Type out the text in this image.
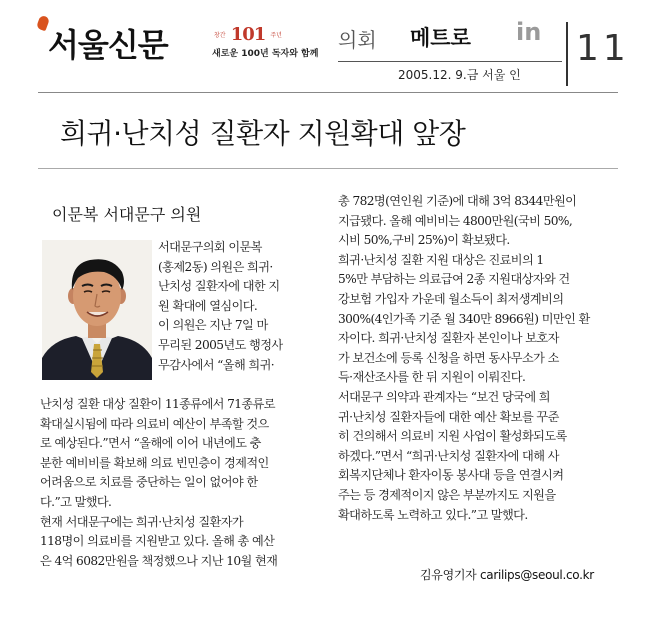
서울신문	창간 101 주년
새로운 100년 독자와 함께
의회 메트로 in
2005.12. 9.금 서울 인
11
희귀·난치성 질환자 지원확대 앞장
이문복 서대문구 의원
서대문구의회 이문복
(홍제2동) 의원은 희귀·
난치성 질환자에 대한 지
원 확대에 열심이다.
이 의원은 지난 7일 마
무리된 2005년도 행정사
무감사에서 “올해 희귀·
난치성 질환 대상 질환이 11종류에서 71종류로
확대실시됨에 따라 의료비 예산이 부족할 것으
로 예상된다.”면서 “올해에 이어 내년에도 충
분한 예비비를 확보해 의료 빈민층이 경제적인
어려움으로 치료를 중단하는 일이 없어야 한
다.”고 말했다.
현재 서대문구에는 희귀·난치성 질환자가
118명이 의료비를 지원받고 있다. 올해 총 예산
은 4억 6082만원을 책정했으나 지난 10월 현재
총 782명(연인원 기준)에 대해 3억 8344만원이
지급됐다. 올해 예비비는 4800만원(국비 50%,
시비 50%,구비 25%)이 확보됐다.
희귀·난치성 질환 지원 대상은 진료비의 1
5%만 부담하는 의료급여 2종 지원대상자와 건
강보험 가입자 가운데 월소득이 최저생계비의
300%(4인가족 기준 월 340만 8966원) 미만인 환
자이다. 희귀·난치성 질환자 본인이나 보호자
가 보건소에 등록 신청을 하면 동사무소가 소
득·재산조사를 한 뒤 지원이 이뤄진다.
서대문구 의약과 관계자는 “보건 당국에 희
귀·난치성 질환자들에 대한 예산 확보를 꾸준
히 건의해서 의료비 지원 사업이 활성화되도록
하겠다.”면서 “희귀·난치성 질환자에 대해 사
회복지단체나 환자이동 봉사대 등을 연결시켜
주는 등 경제적이지 않은 부분까지도 지원을
확대하도록 노력하고 있다.”고 말했다.
김유영기자 carilips@seoul.co.kr
